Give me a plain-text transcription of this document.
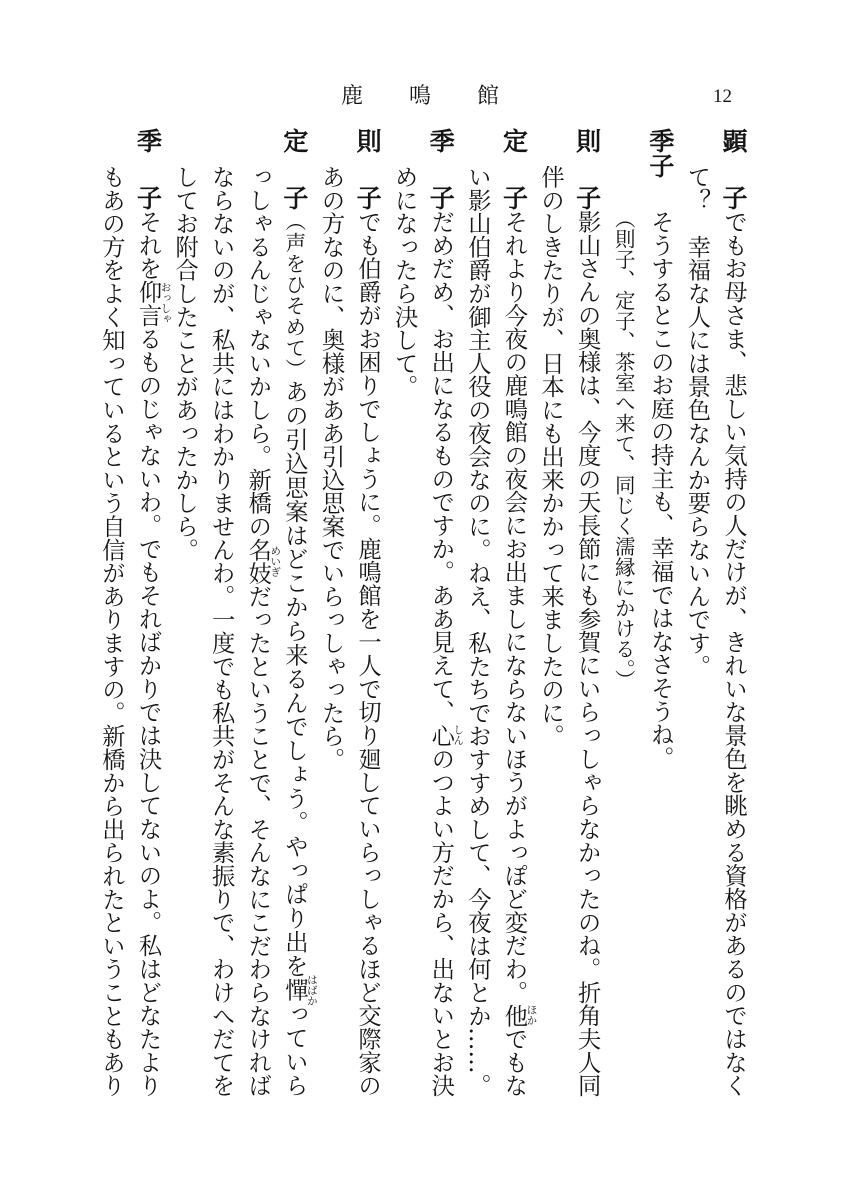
鹿鳴館	12
顕子でもお母さま、悲しい気持の人だけが、きれいな景色を眺める資格があるのではなく
て？　幸福な人には景色なんか要らないんです。
季子そうするとこのお庭の持主も、幸福ではなさそうね。
（則子、定子、茶室へ来て、同じく濡縁にかける。）
則子影山さんの奥様は、今度の天長節にも参賀にいらっしゃらなかったのね。折角夫人同
伴のしきたりが、日本にも出来かかって来ましたのに。
定子それより今夜の鹿鳴館の夜会にお出ましにならないほうがよっぽど変だわ。他
ほか
でもな
い影山伯爵が御主人役の夜会なのに。ねえ、私たちでおすすめして、今夜は何とか……。
季子だめだめ、お出になるものですか。ああ見えて、心
しん
のつよい方だから、出ないとお決
めになったら決して。
則子でも伯爵がお困りでしょうに。鹿鳴館を一人で切り廻していらっしゃるほど交際家の
あの方なのに、奥様がああ引込思案でいらっしゃったら。
定子（声をひそめて）あの引込思案はどこから来るんでしょう。やっぱり出を憚
はばか
っていら
っしゃるんじゃないかしら。新橋の名妓
めいぎ
だったということで、そんなにこだわらなければ
ならないのが、私共にはわかりませんわ。一度でも私共がそんな素振りで、わけへだてを
してお附合したことがあったかしら。
季子それを仰言
おっしゃ
るものじゃないわ。でもそればかりでは決してないのよ。私はどなたより
もあの方をよく知っているという自信がありますの。新橋から出られたということもあり
